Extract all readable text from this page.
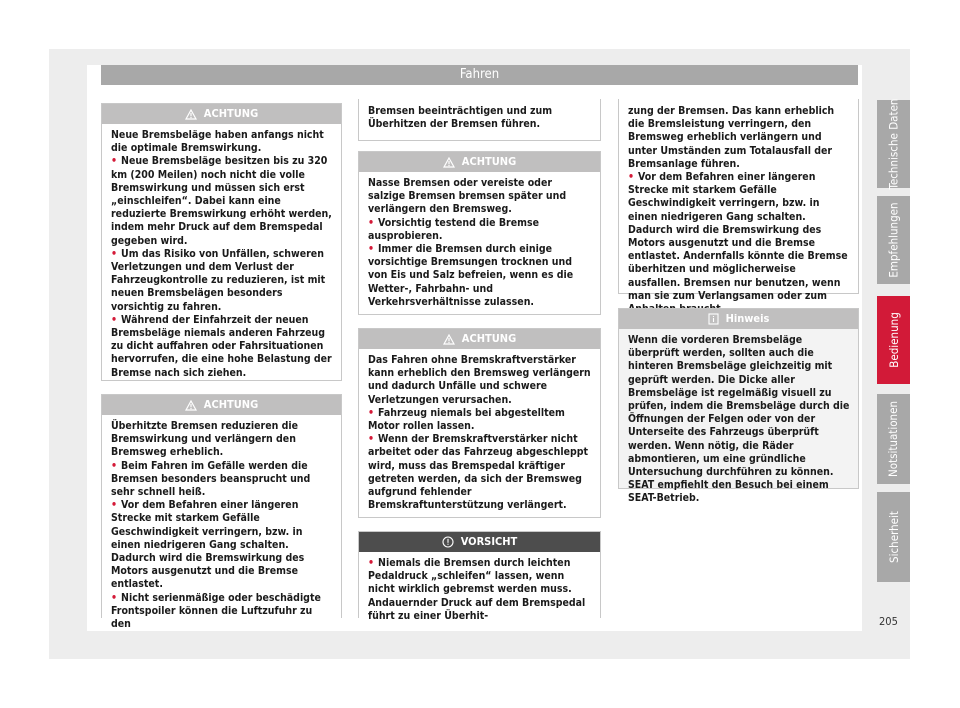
Fahren
ACHTUNG

Neue Bremsbeläge haben anfangs nicht die optimale Bremswirkung.

• Neue Bremsbeläge besitzen bis zu 320 km (200 Meilen) noch nicht die volle Bremswirkung und müssen sich erst „einschleifen“. Dabei kann eine reduzierte Bremswirkung erhöht werden, indem mehr Druck auf dem Bremspedal gegeben wird.

• Um das Risiko von Unfällen, schweren Verletzungen und dem Verlust der Fahrzeugkontrolle zu reduzieren, ist mit neuen Bremsbelägen besonders vorsichtig zu fahren.

• Während der Einfahrzeit der neuen Bremsbeläge niemals anderen Fahrzeug zu dicht auffahren oder Fahrsituationen hervorrufen, die eine hohe Belastung der Bremse nach sich ziehen.

ACHTUNG

Überhitzte Bremsen reduzieren die Bremswirkung und verlängern den Bremsweg erheblich.

• Beim Fahren im Gefälle werden die Bremsen besonders beansprucht und sehr schnell heiß.

• Vor dem Befahren einer längeren Strecke mit starkem Gefälle Geschwindigkeit verringern, bzw. in einen niedrigeren Gang schalten. Dadurch wird die Bremswirkung des Motors ausgenutzt und die Bremse entlastet.

• Nicht serienmäßige oder beschädigte Frontspoiler können die Luftzufuhr zu den

Bremsen beeinträchtigen und zum Überhitzen der Bremsen führen.

ACHTUNG

Nasse Bremsen oder vereiste oder salzige Bremsen bremsen später und verlängern den Bremsweg.

• Vorsichtig testend die Bremse ausprobieren.

• Immer die Bremsen durch einige vorsichtige Bremsungen trocknen und von Eis und Salz befreien, wenn es die Wetter-, Fahrbahn- und Verkehrsverhältnisse zulassen.

ACHTUNG

Das Fahren ohne Bremskraftverstärker kann erheblich den Bremsweg verlängern und dadurch Unfälle und schwere Verletzungen verursachen.

• Fahrzeug niemals bei abgestelltem Motor rollen lassen.

• Wenn der Bremskraftverstärker nicht arbeitet oder das Fahrzeug abgeschleppt wird, muss das Bremspedal kräftiger getreten werden, da sich der Bremsweg aufgrund fehlender Bremskraftunterstützung verlängert.

VORSICHT

• Niemals die Bremsen durch leichten Pedaldruck „schleifen“ lassen, wenn nicht wirklich gebremst werden muss. Andauernder Druck auf dem Bremspedal führt zu einer Überhit-

zung der Bremsen. Das kann erheblich die Bremsleistung verringern, den Bremsweg erheblich verlängern und unter Umständen zum Totalausfall der Bremsanlage führen.

• Vor dem Befahren einer längeren Strecke mit starkem Gefälle Geschwindigkeit verringern, bzw. in einen niedrigeren Gang schalten. Dadurch wird die Bremswirkung des Motors ausgenutzt und die Bremse entlastet. Andernfalls könnte die Bremse überhitzen und möglicherweise ausfallen. Bremsen nur benutzen, wenn man sie zum Verlangsamen oder zum

Hinweis

Wenn die vorderen Bremsbeläge überprüft werden, sollten auch die hinteren Bremsbeläge gleichzeitig mit geprüft werden. Die Dicke aller Bremsbeläge ist regelmäßig visuell zu prüfen, indem die Bremsbeläge durch die Öffnungen der Felgen oder von der Unterseite des Fahrzeugs überprüft werden. Wenn nötig, die Räder abmontieren, um eine gründliche Untersuchung durchführen zu können. SEAT empfiehlt den Besuch bei einem SEAT-Betrieb.

Technische Daten
Empfehlungen
Bedienung
Notsituationen
Sicherheit
205
